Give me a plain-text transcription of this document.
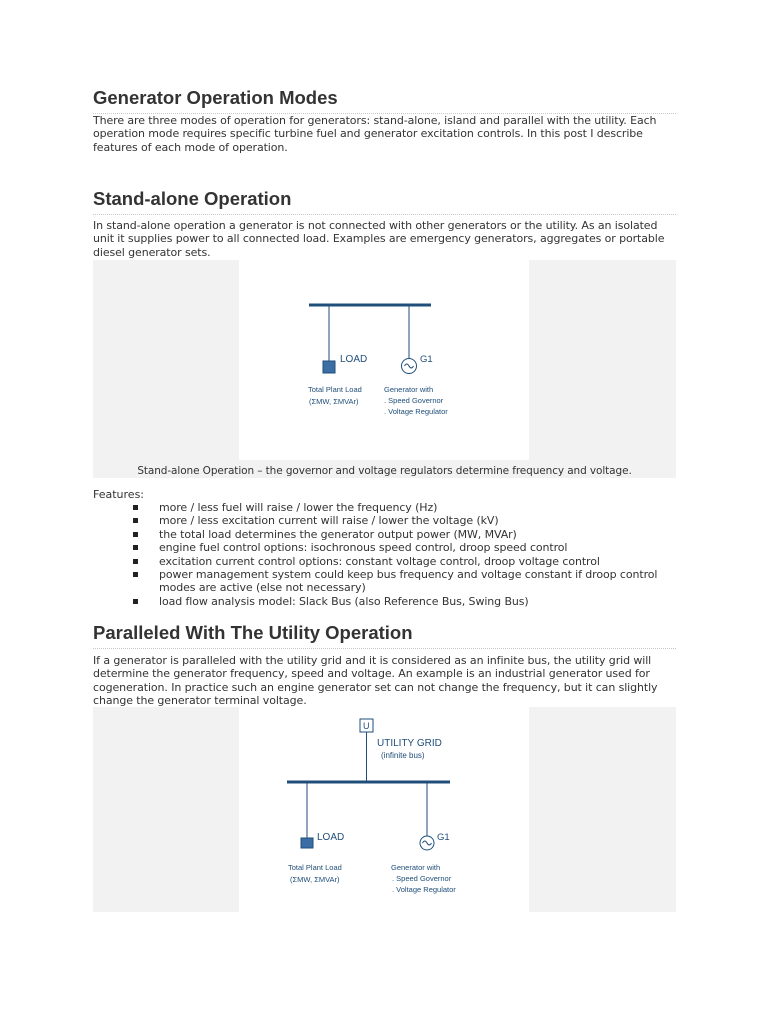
Generator Operation Modes

There are three modes of operation for generators: stand-alone, island and parallel with the utility. Each operation mode requires specific turbine fuel and generator excitation controls. In this post I describe features of each mode of operation.

Stand-alone Operation

In stand-alone operation a generator is not connected with other generators or the utility. As an isolated unit it supplies power to all connected load. Examples are emergency generators, aggregates or portable diesel generator sets.

LOAD	G1
Total Plant Load
(ΣMW, ΣMVAr)
Generator with
. Speed Governor
. Voltage Regulator
Stand-alone Operation – the governor and voltage regulators determine frequency and voltage.
Features:
more / less fuel will raise / lower the frequency (Hz)
more / less excitation current will raise / lower the voltage (kV)
the total load determines the generator output power (MW, MVAr)
engine fuel control options: isochronous speed control, droop speed control
excitation current control options: constant voltage control, droop voltage control
power management system could keep bus frequency and voltage constant if droop control modes are active (else not necessary)
load flow analysis model: Slack Bus (also Reference Bus, Swing Bus)
Paralleled With The Utility Operation

If a generator is paralleled with the utility grid and it is considered as an infinite bus, the utility grid will determine the generator frequency, speed and voltage. An example is an industrial generator used for cogeneration. In practice such an engine generator set can not change the frequency, but it can slightly change the generator terminal voltage.

U
UTILITY GRID
(infinite bus)
LOAD	G1
Total Plant Load
(ΣMW, ΣMVAr)
Generator with
. Speed Governor
. Voltage Regulator
